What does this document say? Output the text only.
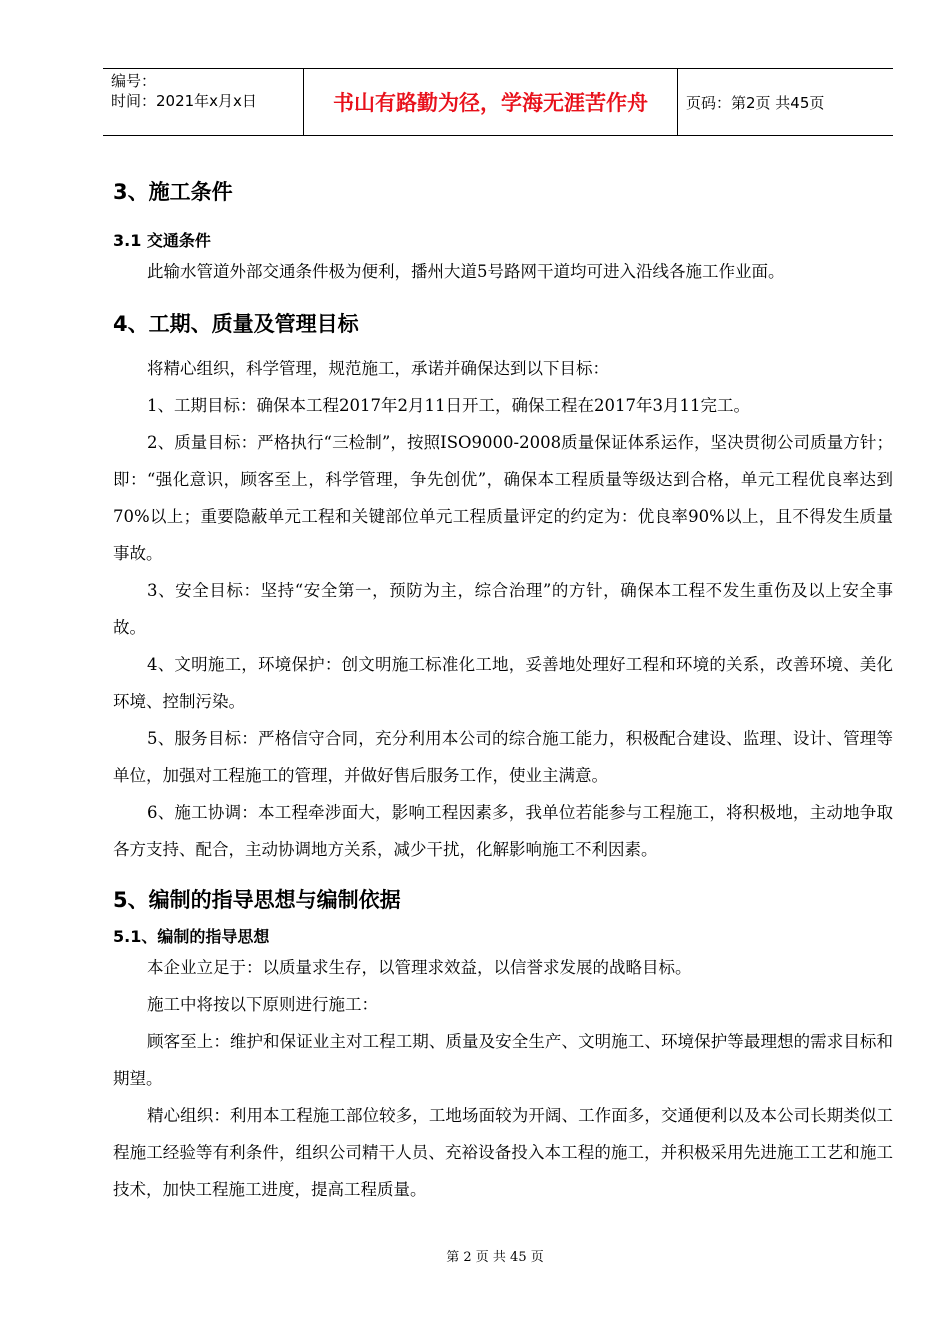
编号：
时间：2021年x月x日	书山有路勤为径，学海无涯苦作舟	页码：第2页 共45页
3、施工条件
3.1 交通条件

此输水管道外部交通条件极为便利，播州大道5号路网干道均可进入沿线各施工作业面。

4、工期、质量及管理目标

将精心组织，科学管理，规范施工，承诺并确保达到以下目标：

1、工期目标：确保本工程2017年2月11日开工，确保工程在2017年3月11完工。

2、质量目标：严格执行“三检制”，按照ISO9000-2008质量保证体系运作，坚决贯彻公司质量方针；即：“强化意识，顾客至上，科学管理，争先创优”，确保本工程质量等级达到合格，单元工程优良率达到70%以上；重要隐蔽单元工程和关键部位单元工程质量评定的约定为：优良率90%以上，且不得发生质量事故。

3、安全目标：坚持“安全第一，预防为主，综合治理”的方针，确保本工程不发生重伤及以上安全事故。

4、文明施工，环境保护：创文明施工标准化工地，妥善地处理好工程和环境的关系，改善环境、美化环境、控制污染。

5、服务目标：严格信守合同，充分利用本公司的综合施工能力，积极配合建设、监理、设计、管理等单位，加强对工程施工的管理，并做好售后服务工作，使业主满意。

6、施工协调：本工程牵涉面大，影响工程因素多，我单位若能参与工程施工，将积极地，主动地争取各方支持、配合，主动协调地方关系，减少干扰，化解影响施工不利因素。

5、编制的指导思想与编制依据
5.1、编制的指导思想

本企业立足于：以质量求生存，以管理求效益，以信誉求发展的战略目标。

施工中将按以下原则进行施工：

顾客至上：维护和保证业主对工程工期、质量及安全生产、文明施工、环境保护等最理想的需求目标和期望。

精心组织：利用本工程施工部位较多，工地场面较为开阔、工作面多，交通便利以及本公司长期类似工程施工经验等有利条件，组织公司精干人员、充裕设备投入本工程的施工，并积极采用先进施工工艺和施工技术，加快工程施工进度，提高工程质量。

第 2 页 共 45 页
